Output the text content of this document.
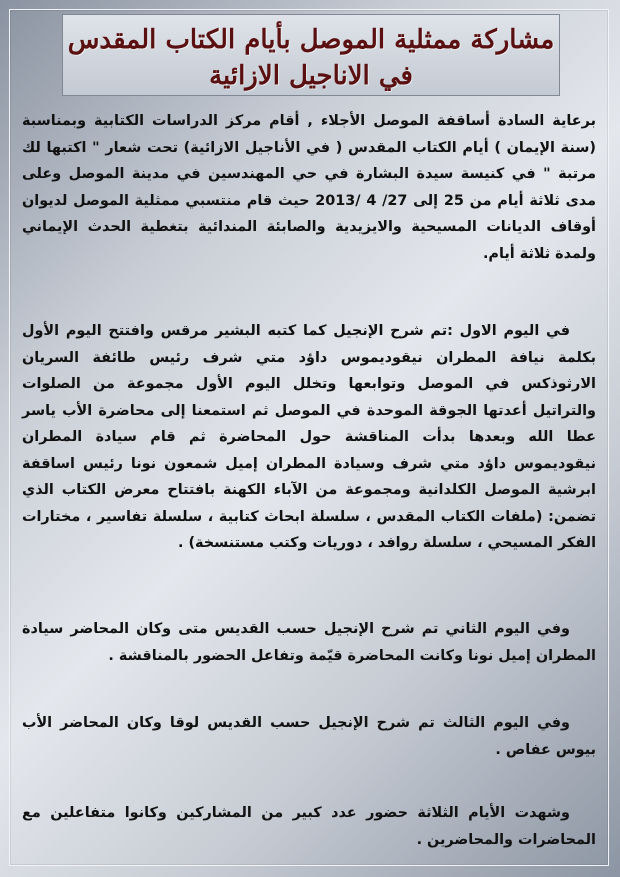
مشاركة ممثلية الموصل بأيام الكتاب المقدس
في الاناجيل الازائية
برعاية السادة أساقفة الموصل الأجلاء , أقام مركز الدراسات الكتابية وبمناسبة (سنة الإيمان ) أيام الكتاب المقدس ( في الأناجيل الازائية) تحت شعار " اكتبها لك مرتبة " في كنيسة سيدة البشارة في حي المهندسين في مدينة الموصل وعلى مدى ثلاثة أيام من 25 إلى 27/ 4 /2013 حيث قام منتسبي ممثلية الموصل لديوان أوقاف الديانات المسيحية والايزيدية والصابئة المندائية بتغطية الحدث الإيماني ولمدة ثلاثة أيام.
في اليوم الاول :تم شرح الإنجيل كما كتبه البشير مرقس وافتتح اليوم الأول بكلمة نيافة المطران نيقوديموس داؤد متي شرف رئيس طائفة السريان الارثوذكس في الموصل وتوابعها وتخلل اليوم الأول مجموعة من الصلوات والتراتيل أعدتها الجوقة الموحدة في الموصل ثم استمعنا إلى محاضرة الأب ياسر عطا الله وبعدها بدأت المناقشة حول المحاضرة ثم قام سيادة المطران نيقوديموس داؤد متي شرف وسيادة المطران إميل شمعون نونا رئيس اساقفة ابرشية الموصل الكلدانية ومجموعة من الآباء الكهنة بافتتاح معرض الكتاب الذي تضمن: (ملفات الكتاب المقدس ، سلسلة ابحاث كتابية ، سلسلة تفاسير ، مختارات الفكر المسيحي ، سلسلة روافد ، دوريات وكتب مستنسخة) .
وفي اليوم الثاني تم شرح الإنجيل حسب القديس متى وكان المحاضر سيادة المطران إميل نونا وكانت المحاضرة قيّمة وتفاعل الحضور بالمناقشة .
وفي اليوم الثالث تم شرح الإنجيل حسب القديس لوقا وكان المحاضر الأب بيوس عفاص .
وشهدت الأيام الثلاثة حضور عدد كبير من المشاركين وكانوا متفاعلين مع المحاضرات والمحاضرين .
